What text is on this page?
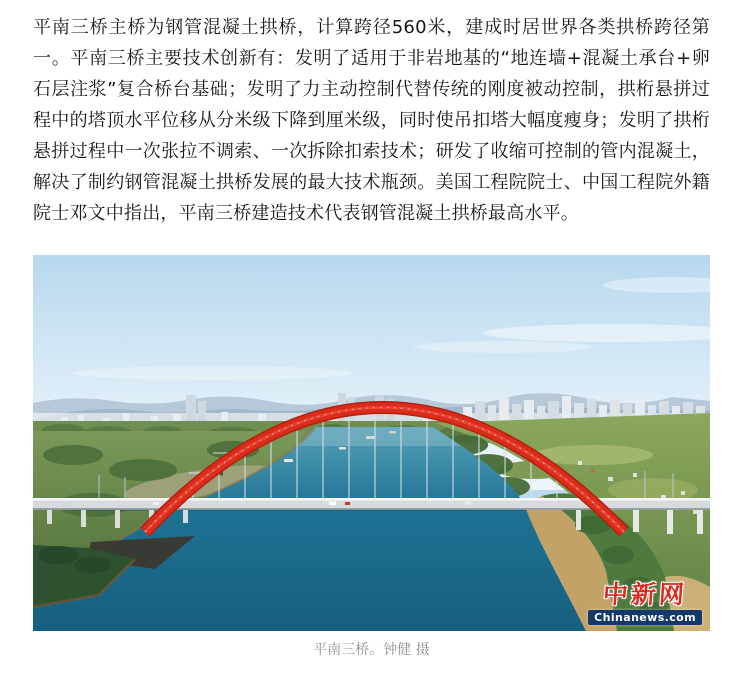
平南三桥主桥为钢管混凝土拱桥，计算跨径560米，建成时居世界各类拱桥跨径第一。平南三桥主要技术创新有：发明了适用于非岩地基的“地连墙+混凝土承台+卵石层注浆”复合桥台基础；发明了力主动控制代替传统的刚度被动控制，拱桁悬拼过程中的塔顶水平位移从分米级下降到厘米级，同时使吊扣塔大幅度瘦身；发明了拱桁悬拼过程中一次张拉不调索、一次拆除扣索技术；研发了收缩可控制的管内混凝土，解决了制约钢管混凝土拱桥发展的最大技术瓶颈。美国工程院院士、中国工程院外籍院士邓文中指出，平南三桥建造技术代表钢管混凝土拱桥最高水平。

中新网
Chinanews.com
平南三桥。钟健 摄
